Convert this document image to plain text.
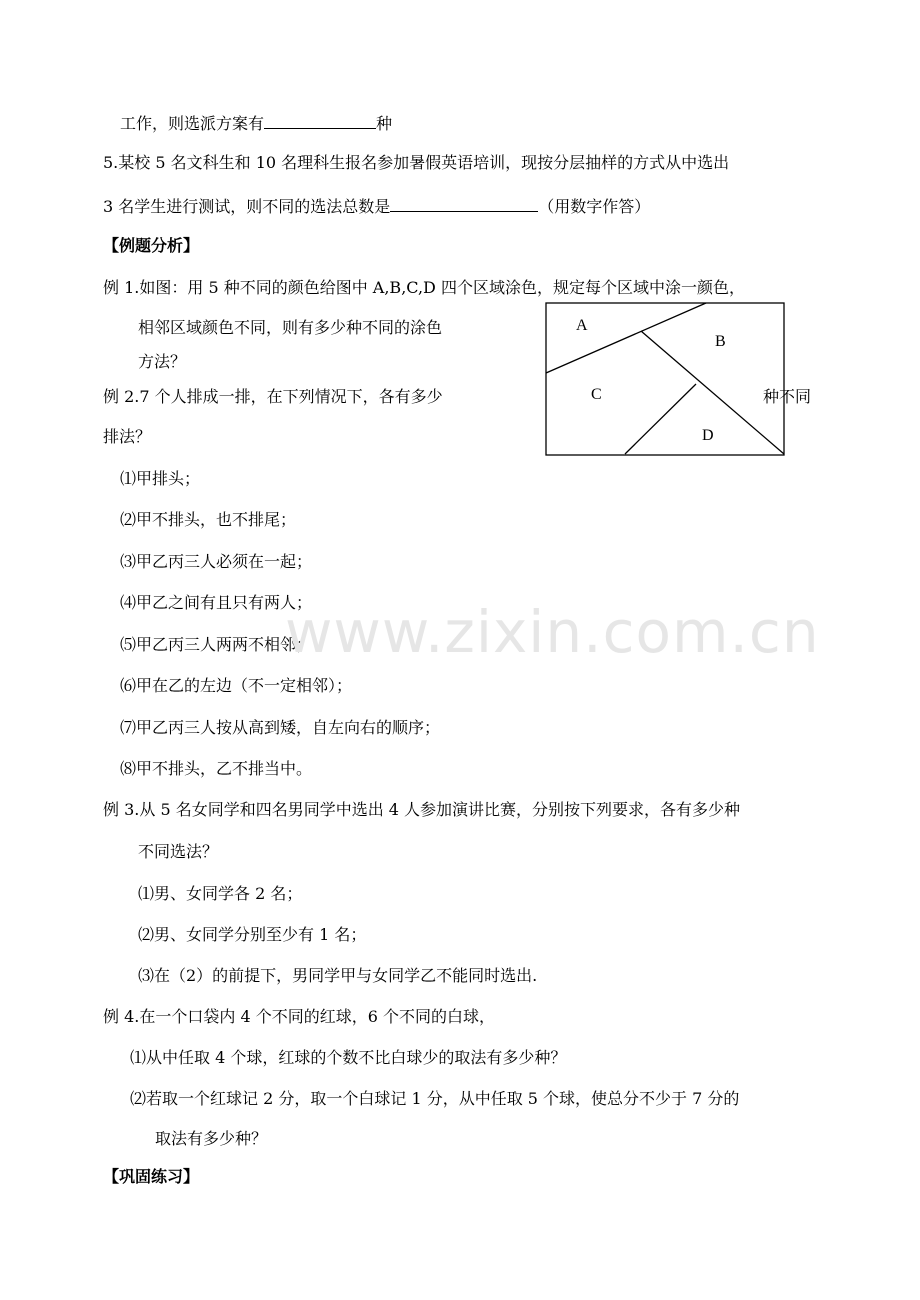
工作，则选派方案有	种
5.某校 5 名文科生和 10 名理科生报名参加暑假英语培训，现按分层抽样的方式从中选出
3 名学生进行测试，则不同的选法总数是	（用数字作答）
【例题分析】
例 1.如图：用 5 种不同的颜色给图中 A,B,C,D 四个区域涂色，规定每个区域中涂一颜色，
相邻区域颜色不同，则有多少种不同的涂色
方法？
例 2.7 个人排成一排，在下列情况下，各有多少	种不同
排法？
⑴甲排头；
⑵甲不排头，也不排尾；
⑶甲乙丙三人必须在一起；
⑷甲乙之间有且只有两人；
⑸甲乙丙三人两两不相邻；
⑹甲在乙的左边（不一定相邻）；
⑺甲乙丙三人按从高到矮，自左向右的顺序；
⑻甲不排头，乙不排当中。
例 3.从 5 名女同学和四名男同学中选出 4 人参加演讲比赛，分别按下列要求，各有多少种
不同选法？
⑴男、女同学各 2 名；
⑵男、女同学分别至少有 1 名；
⑶在（2）的前提下，男同学甲与女同学乙不能同时选出.
例 4.在一个口袋内 4 个不同的红球，6 个不同的白球，
⑴从中任取 4 个球，红球的个数不比白球少的取法有多少种？
⑵若取一个红球记 2 分，取一个白球记 1 分，从中任取 5 个球，使总分不少于 7 分的
取法有多少种？
【巩固练习】
www.zixin.com.cn
A
B
C
D
